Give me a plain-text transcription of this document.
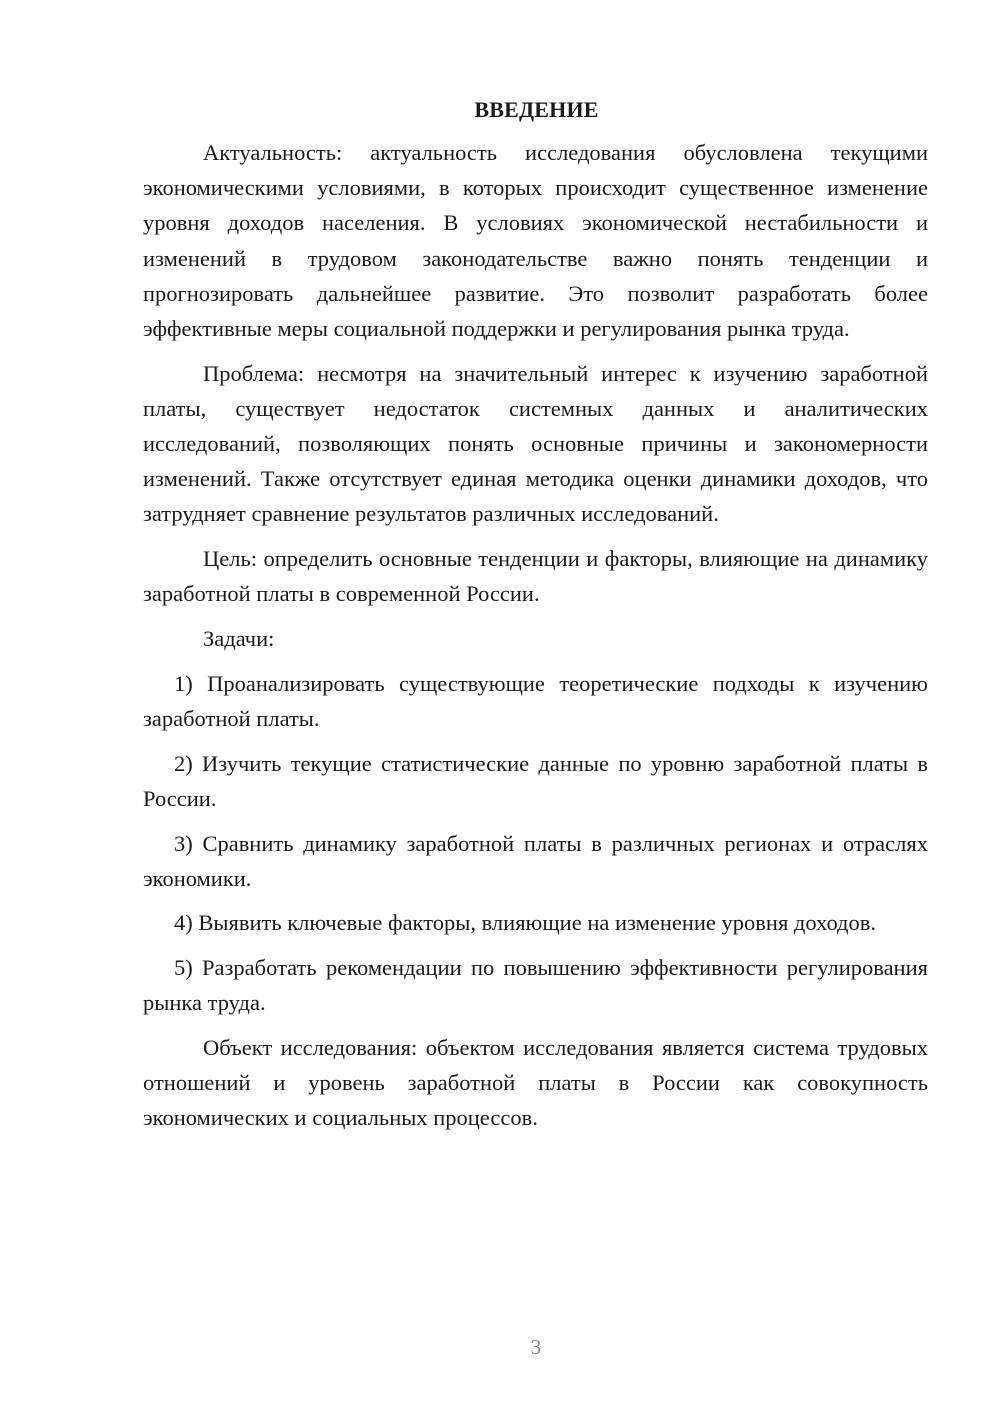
ВВЕДЕНИЕ

Актуальность: актуальность исследования обусловлена текущими экономическими условиями, в которых происходит существенное изменение уровня доходов населения. В условиях экономической нестабильности и изменений в трудовом законодательстве важно понять тенденции и прогнозировать дальнейшее развитие. Это позволит разработать более эффективные меры социальной поддержки и регулирования рынка труда.

Проблема: несмотря на значительный интерес к изучению заработной платы, существует недостаток системных данных и аналитических исследований, позволяющих понять основные причины и закономерности изменений. Также отсутствует единая методика оценки динамики доходов, что затрудняет сравнение результатов различных исследований.

Цель: определить основные тенденции и факторы, влияющие на динамику заработной платы в современной России.

Задачи:

1) Проанализировать существующие теоретические подходы к изучению заработной платы.

2) Изучить текущие статистические данные по уровню заработной платы в России.

3) Сравнить динамику заработной платы в различных регионах и отраслях экономики.

4) Выявить ключевые факторы, влияющие на изменение уровня доходов.

5) Разработать рекомендации по повышению эффективности регулирования рынка труда.

Объект исследования: объектом исследования является система трудовых отношений и уровень заработной платы в России как совокупность экономических и социальных процессов.

3
